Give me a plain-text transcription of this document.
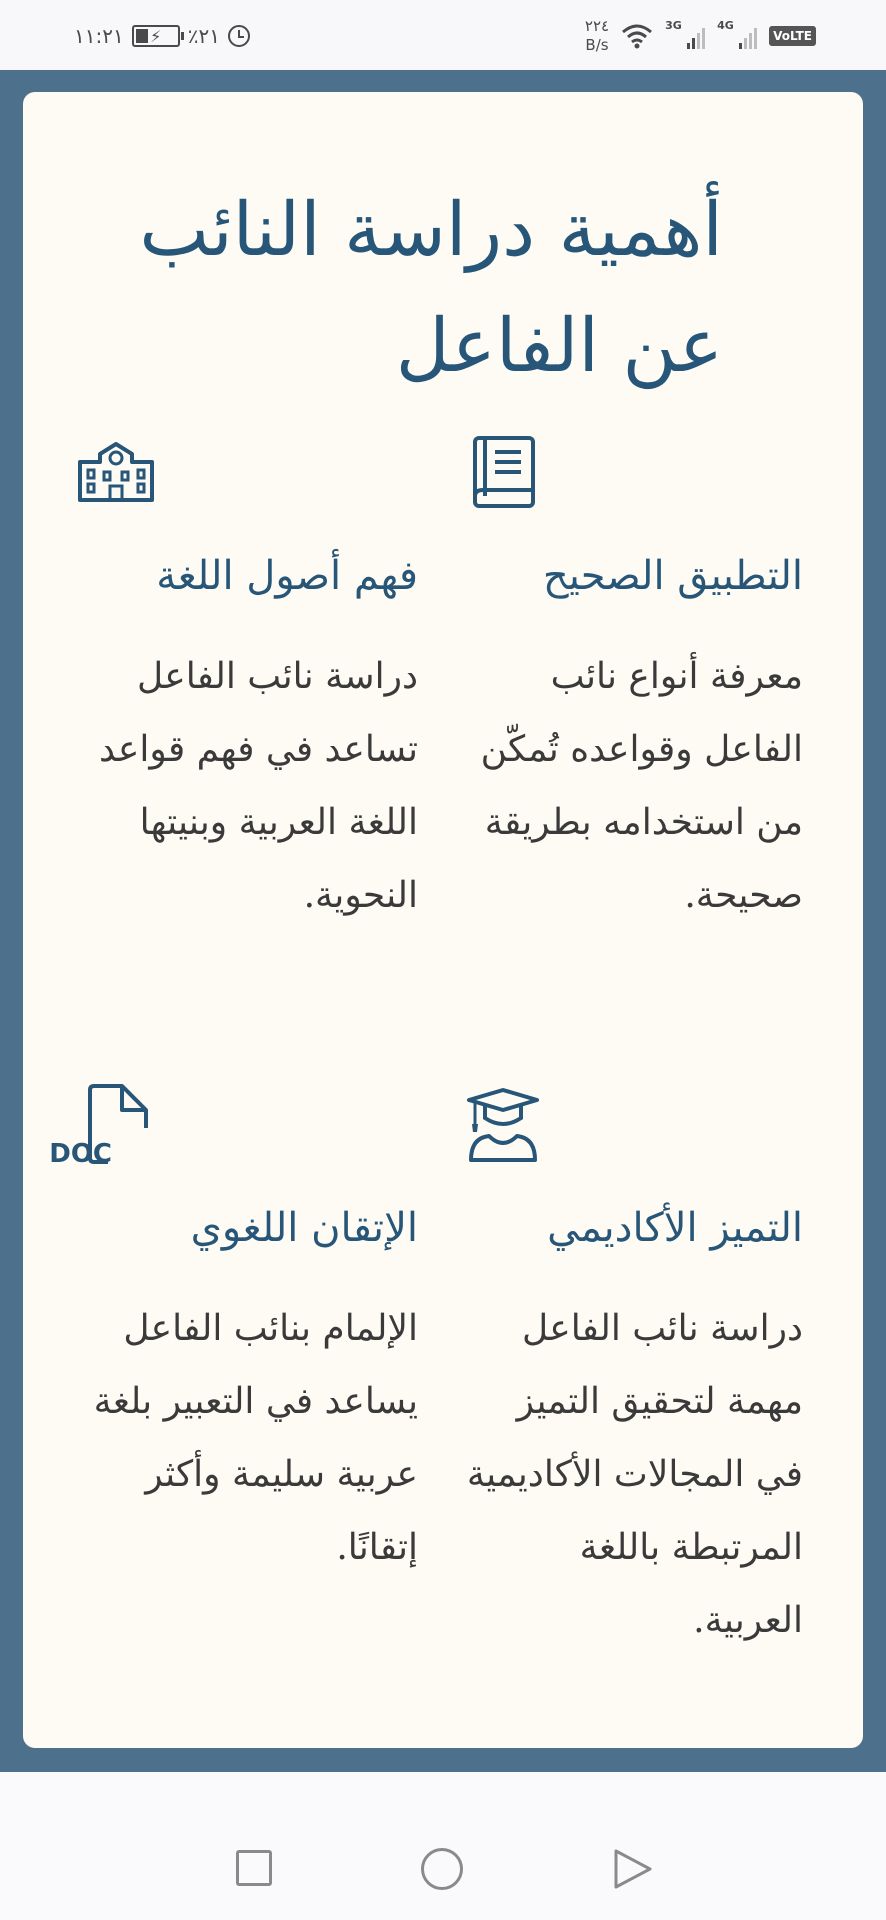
١١:٢١ ⚡ ٪٢١	٢٢٤
B/s
3G	4G
VoLTE
أهمية دراسة النائب عن الفاعل
التطبيق الصحيح

معرفة أنواع نائب الفاعل وقواعده تُمكّن من استخدامه بطريقة صحيحة.

فهم أصول اللغة

دراسة نائب الفاعل تساعد في فهم قواعد اللغة العربية وبنيتها النحوية.

التميز الأكاديمي

دراسة نائب الفاعل مهمة لتحقيق التميز في المجالات الأكاديمية المرتبطة باللغة العربية.

DOC
الإتقان اللغوي

الإلمام بنائب الفاعل يساعد في التعبير بلغة عربية سليمة وأكثر إتقانًا.
